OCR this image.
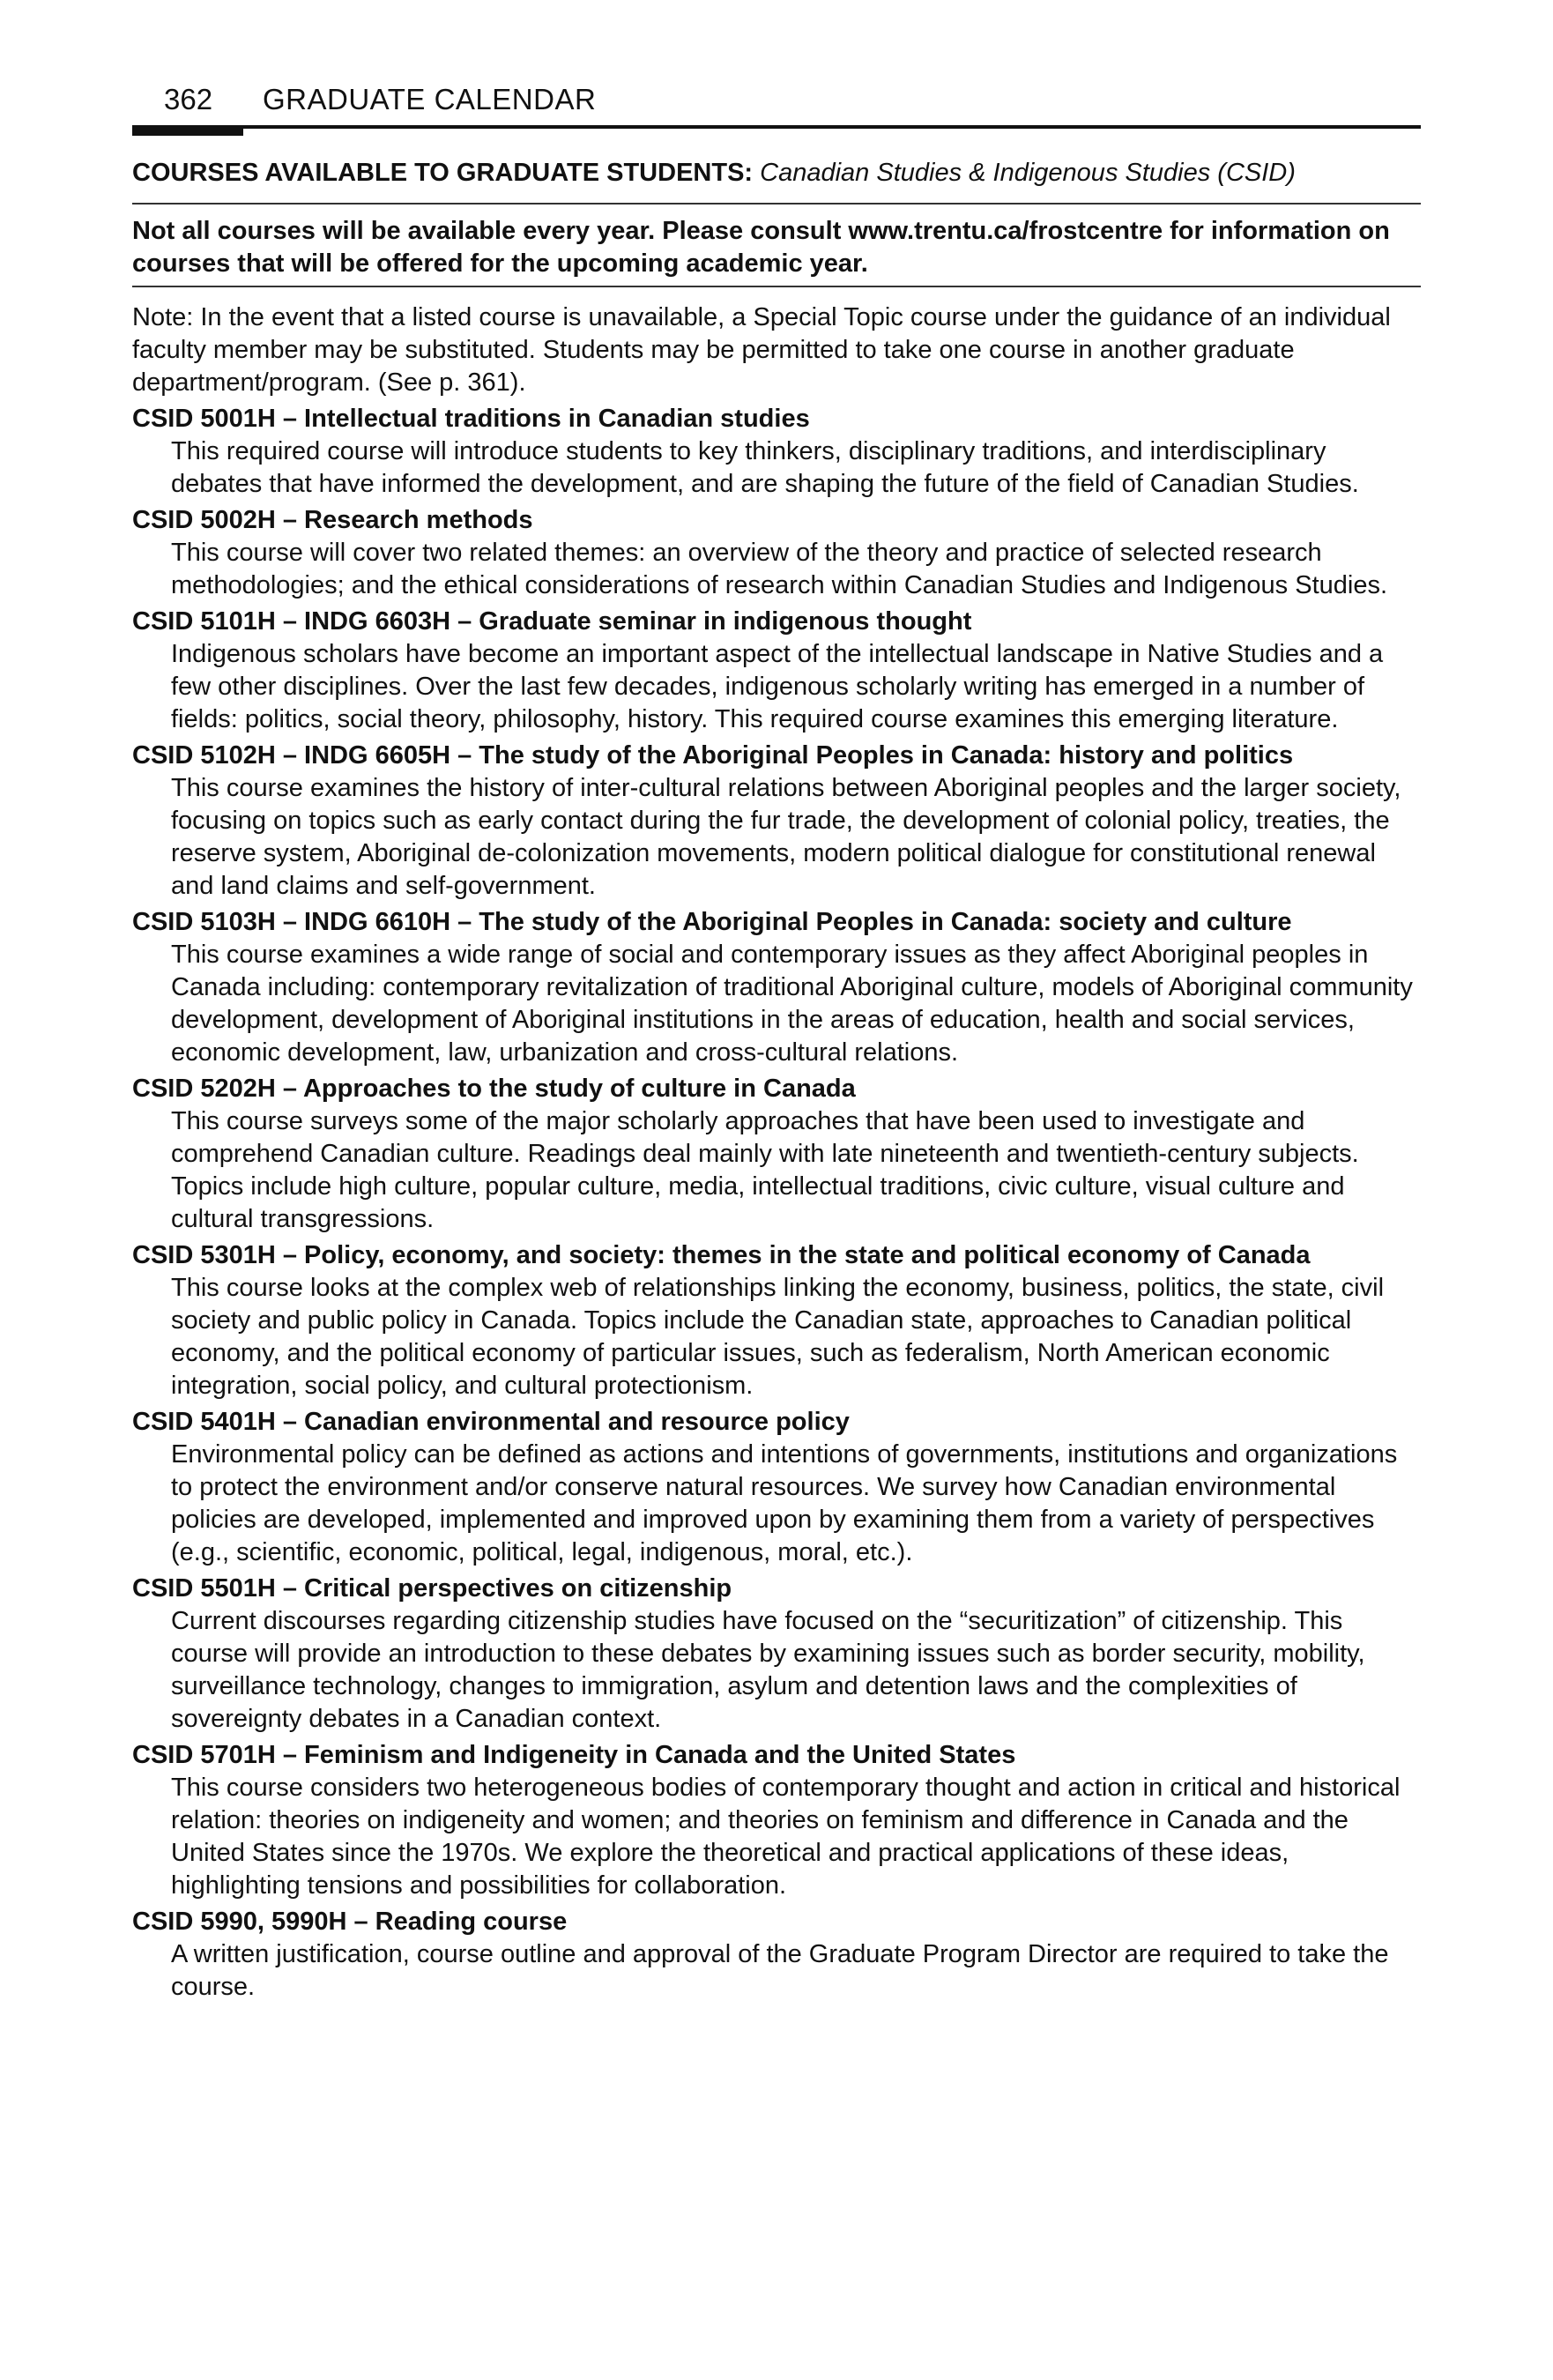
362 GRADUATE CALENDAR
COURSES AVAILABLE TO GRADUATE STUDENTS: Canadian Studies & Indigenous Studies (CSID)
Not all courses will be available every year. Please consult www.trentu.ca/frostcentre for information on courses that will be offered for the upcoming academic year.
Note: In the event that a listed course is unavailable, a Special Topic course under the guidance of an individual faculty member may be substituted. Students may be permitted to take one course in another graduate department/program. (See p. 361).
CSID 5001H – Intellectual traditions in Canadian studies
This required course will introduce students to key thinkers, disciplinary traditions, and interdisciplinary debates that have informed the development, and are shaping the future of the field of Canadian Studies.
CSID 5002H – Research methods
This course will cover two related themes: an overview of the theory and practice of selected research methodologies; and the ethical considerations of research within Canadian Studies and Indigenous Studies.
CSID 5101H – INDG 6603H – Graduate seminar in indigenous thought
Indigenous scholars have become an important aspect of the intellectual landscape in Native Studies and a few other disciplines. Over the last few decades, indigenous scholarly writing has emerged in a number of fields: politics, social theory, philosophy, history. This required course examines this emerging literature.
CSID 5102H – INDG 6605H – The study of the Aboriginal Peoples in Canada: history and politics
This course examines the history of inter-cultural relations between Aboriginal peoples and the larger society, focusing on topics such as early contact during the fur trade, the development of colonial policy, treaties, the reserve system, Aboriginal de-colonization movements, modern political dialogue for constitutional renewal and land claims and self-government.
CSID 5103H – INDG 6610H – The study of the Aboriginal Peoples in Canada: society and culture
This course examines a wide range of social and contemporary issues as they affect Aboriginal peoples in Canada including: contemporary revitalization of traditional Aboriginal culture, models of Aboriginal community development, development of Aboriginal institutions in the areas of education, health and social services, economic development, law, urbanization and cross-cultural relations.
CSID 5202H – Approaches to the study of culture in Canada
This course surveys some of the major scholarly approaches that have been used to investigate and comprehend Canadian culture. Readings deal mainly with late nineteenth and twentieth-century subjects. Topics include high culture, popular culture, media, intellectual traditions, civic culture, visual culture and cultural transgressions.
CSID 5301H – Policy, economy, and society: themes in the state and political economy of Canada
This course looks at the complex web of relationships linking the economy, business, politics, the state, civil society and public policy in Canada. Topics include the Canadian state, approaches to Canadian political economy, and the political economy of particular issues, such as federalism, North American economic integration, social policy, and cultural protectionism.
CSID 5401H – Canadian environmental and resource policy
Environmental policy can be defined as actions and intentions of governments, institutions and organizations to protect the environment and/or conserve natural resources. We survey how Canadian environmental policies are developed, implemented and improved upon by examining them from a variety of perspectives (e.g., scientific, economic, political, legal, indigenous, moral, etc.).
CSID 5501H – Critical perspectives on citizenship
Current discourses regarding citizenship studies have focused on the “securitization” of citizenship. This course will provide an introduction to these debates by examining issues such as border security, mobility, surveillance technology, changes to immigration, asylum and detention laws and the complexities of sovereignty debates in a Canadian context.
CSID 5701H – Feminism and Indigeneity in Canada and the United States
This course considers two heterogeneous bodies of contemporary thought and action in critical and historical relation: theories on indigeneity and women; and theories on feminism and difference in Canada and the United States since the 1970s. We explore the theoretical and practical applications of these ideas, highlighting tensions and possibilities for collaboration.
CSID 5990, 5990H – Reading course
A written justification, course outline and approval of the Graduate Program Director are required to take the course.
